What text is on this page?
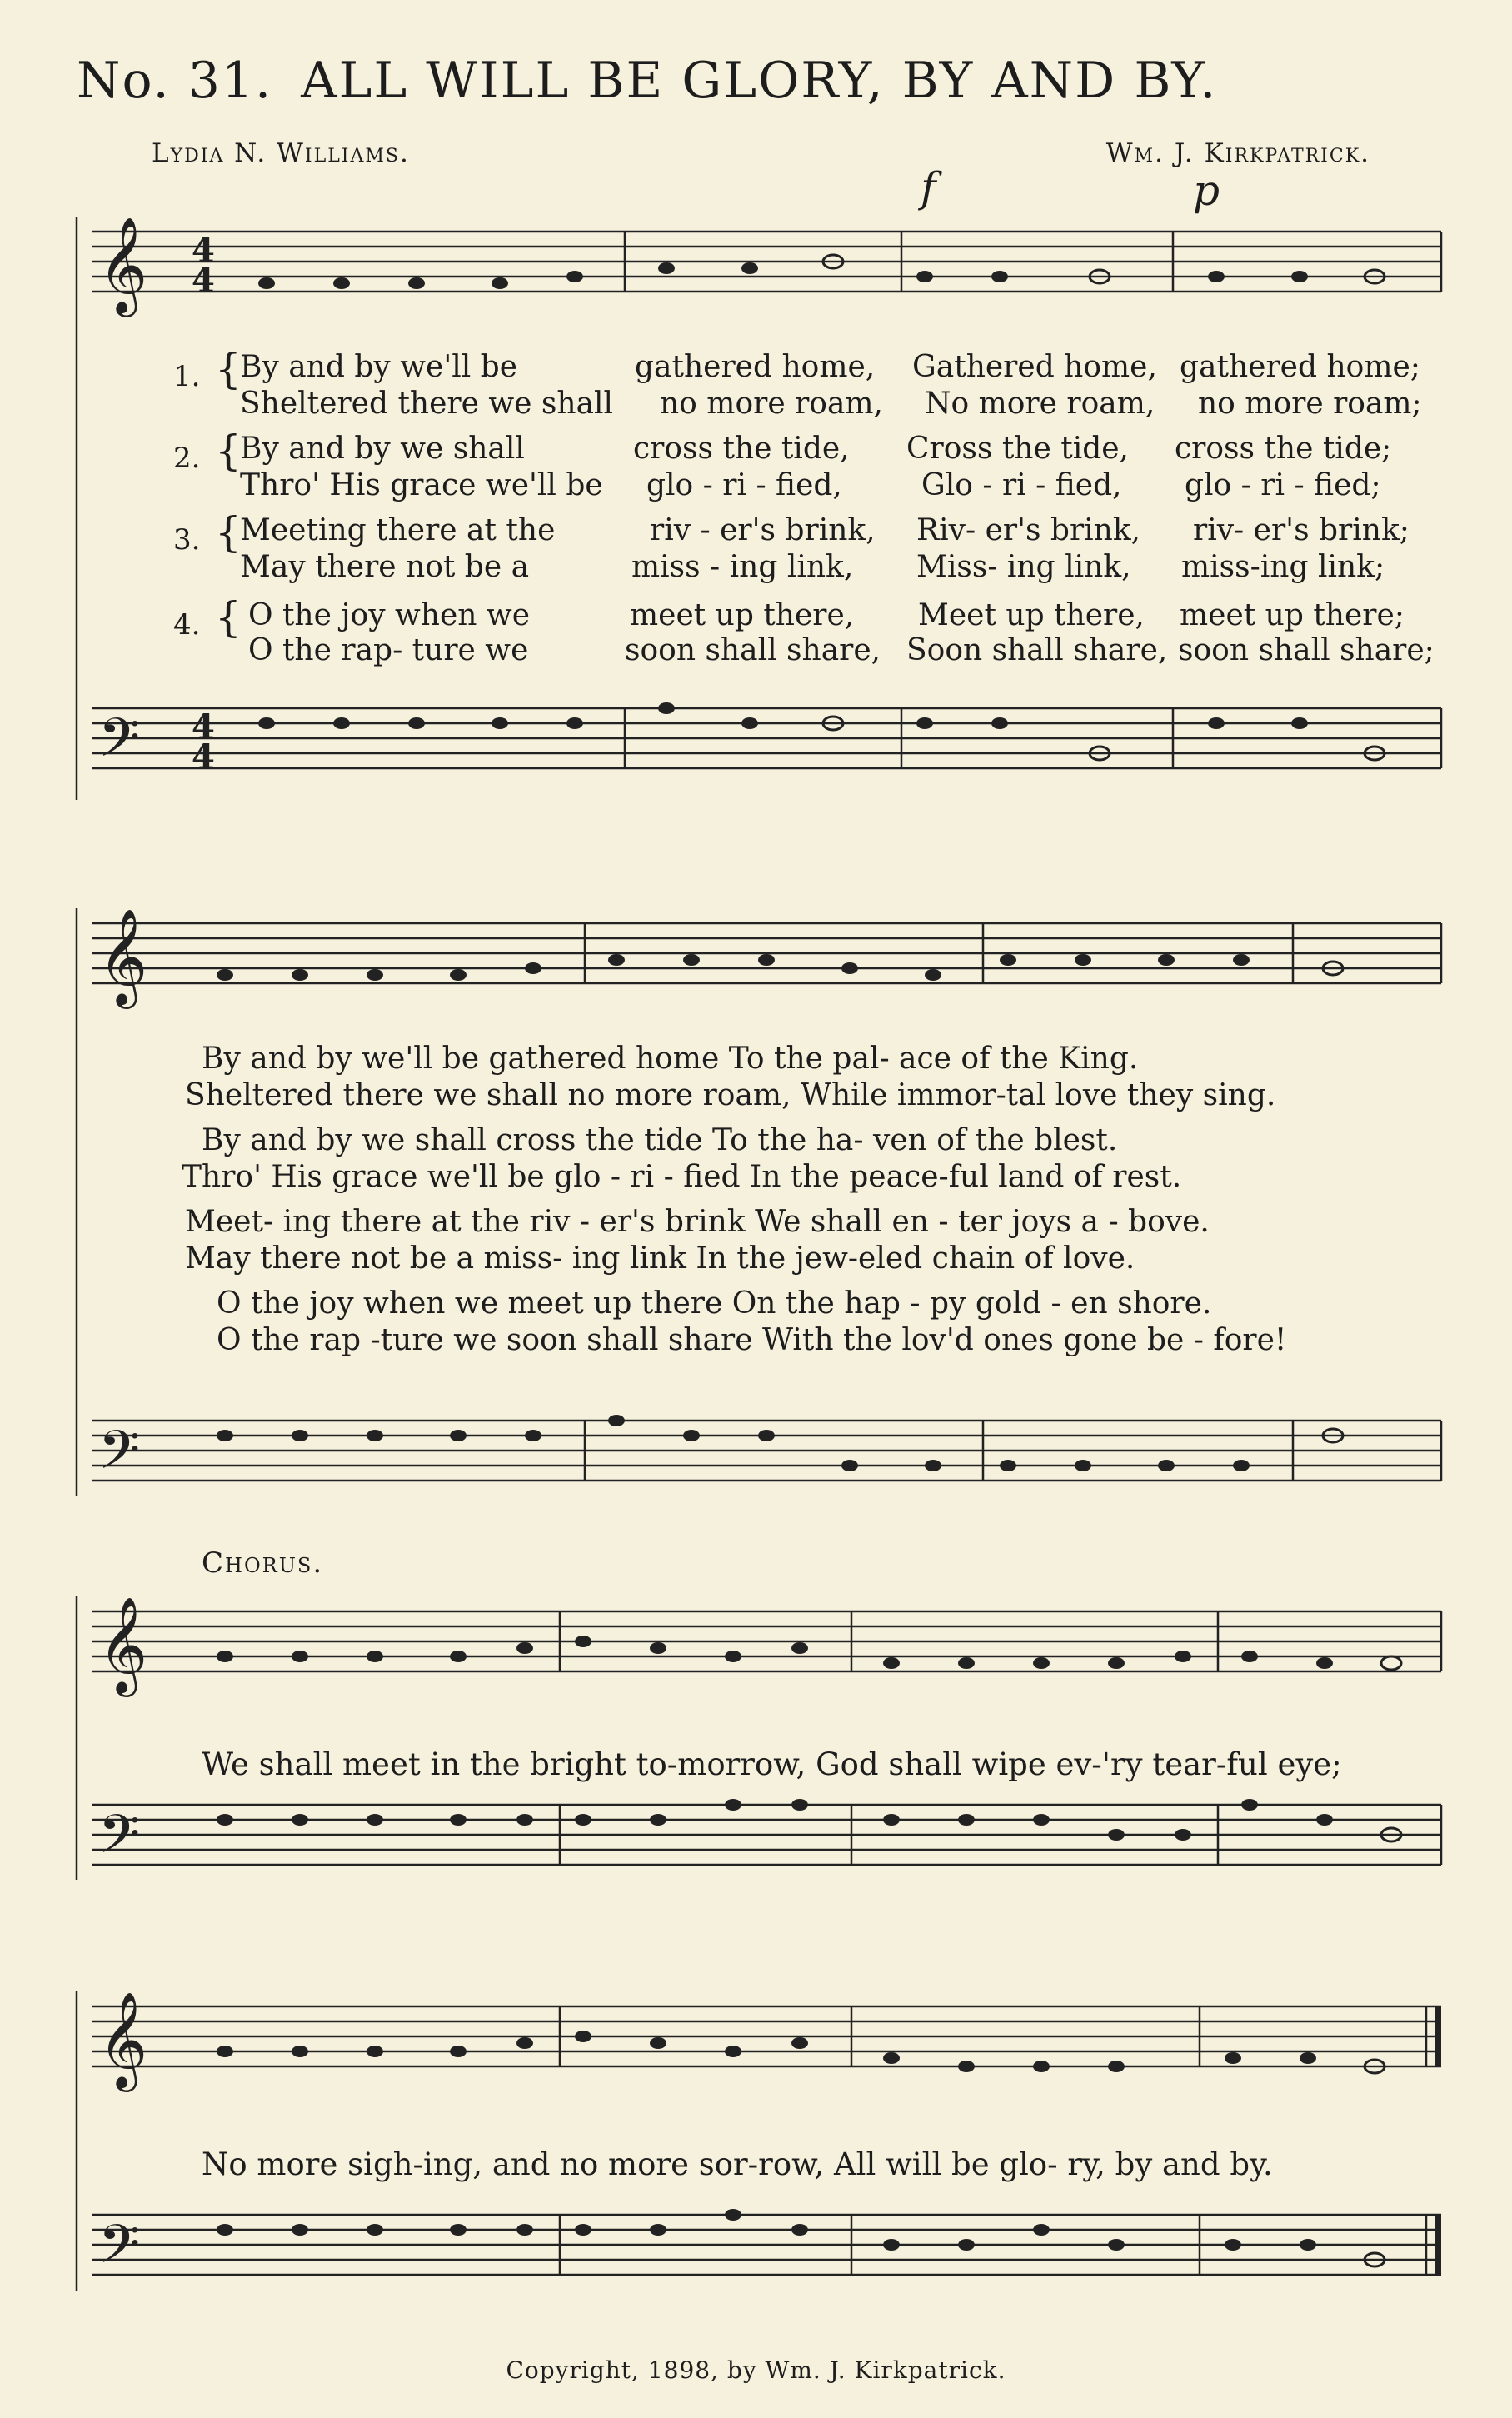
No. 31. ALL WILL BE GLORY, BY AND BY.
Lydia N. Williams.	Wm. J. Kirkpatrick.
f	p
𝄞
𝄢
4
4
4
4
1. {
By and by we'll be	gathered home, Gathered home, gathered home;
Sheltered there we shall no more roam, No more roam, no more roam;
2. {
By and by we shall	cross the tide, Cross the tide, cross the tide;
Thro' His grace we'll be glo - ri - fied,	Glo - ri - fied, glo - ri - fied;
3. {
Meeting there at the	riv - er's brink, Riv- er's brink, riv- er's brink;
May there not be a	miss - ing link, Miss- ing link, miss-ing link;
4. { O the joy when we	meet up there, Meet up there, meet up there;
O the rap- ture we	soon shall share, Soon shall share, soon shall share;
𝄞
𝄢
By and by we'll be gathered home To the pal- ace of the King.
Sheltered there we shall no more roam, While immor-tal love they sing.
By and by we shall cross the tide To the ha- ven of the blest.
Thro' His grace we'll be glo - ri - fied In the peace-ful land of rest.
Meet- ing there at the riv - er's brink We shall en - ter joys a - bove.
May there not be a miss- ing link In the jew-eled chain of love.
O the joy when we meet up there On the hap - py gold - en shore.
O the rap -ture we soon shall share With the lov'd ones gone be - fore!
Chorus.
𝄞
𝄢
We shall meet in the bright to-morrow, God shall wipe ev-'ry tear-ful eye;
𝄞
𝄢
No more sigh-ing, and no more sor-row, All will be glo- ry, by and by.
Copyright, 1898, by Wm. J. Kirkpatrick.
